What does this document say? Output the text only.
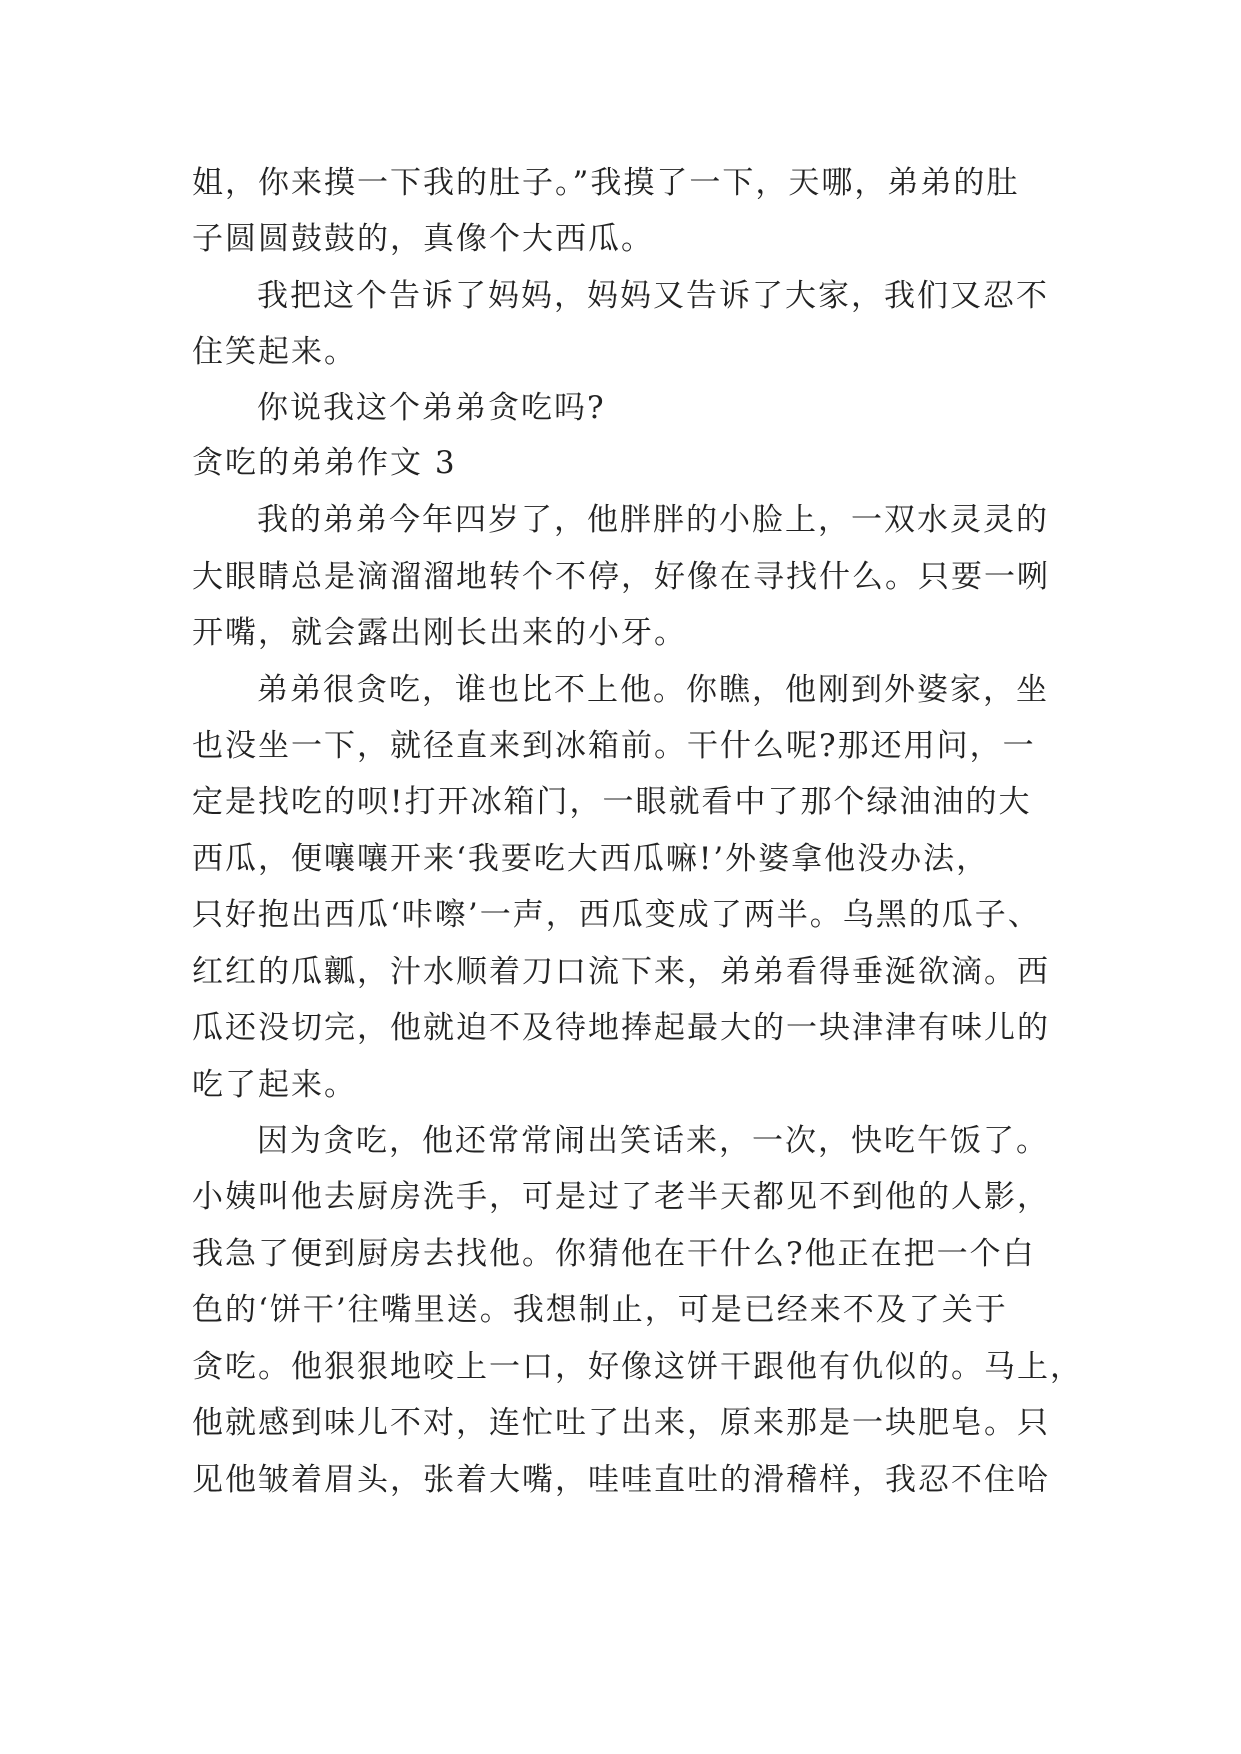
姐，你来摸一下我的肚子。”我摸了一下，天哪，弟弟的肚
子圆圆鼓鼓的，真像个大西瓜。
我把这个告诉了妈妈，妈妈又告诉了大家，我们又忍不
住笑起来。
你说我这个弟弟贪吃吗?
贪吃的弟弟作文 3
我的弟弟今年四岁了，他胖胖的小脸上，一双水灵灵的
大眼睛总是滴溜溜地转个不停，好像在寻找什么。只要一咧
开嘴，就会露出刚长出来的小牙。
弟弟很贪吃，谁也比不上他。你瞧，他刚到外婆家，坐
也没坐一下，就径直来到冰箱前。干什么呢?那还用问，一
定是找吃的呗!打开冰箱门，一眼就看中了那个绿油油的大
西瓜，便嚷嚷开来‘我要吃大西瓜嘛!’外婆拿他没办法，
只好抱出西瓜‘咔嚓’一声，西瓜变成了两半。乌黑的瓜子、
红红的瓜瓤，汁水顺着刀口流下来，弟弟看得垂涎欲滴。西
瓜还没切完，他就迫不及待地捧起最大的一块津津有味儿的
吃了起来。
因为贪吃，他还常常闹出笑话来，一次，快吃午饭了。
小姨叫他去厨房洗手，可是过了老半天都见不到他的人影，
我急了便到厨房去找他。你猜他在干什么?他正在把一个白
色的‘饼干’往嘴里送。我想制止，可是已经来不及了关于
贪吃。他狠狠地咬上一口，好像这饼干跟他有仇似的。马上，
他就感到味儿不对，连忙吐了出来，原来那是一块肥皂。只
见他皱着眉头，张着大嘴，哇哇直吐的滑稽样，我忍不住哈
